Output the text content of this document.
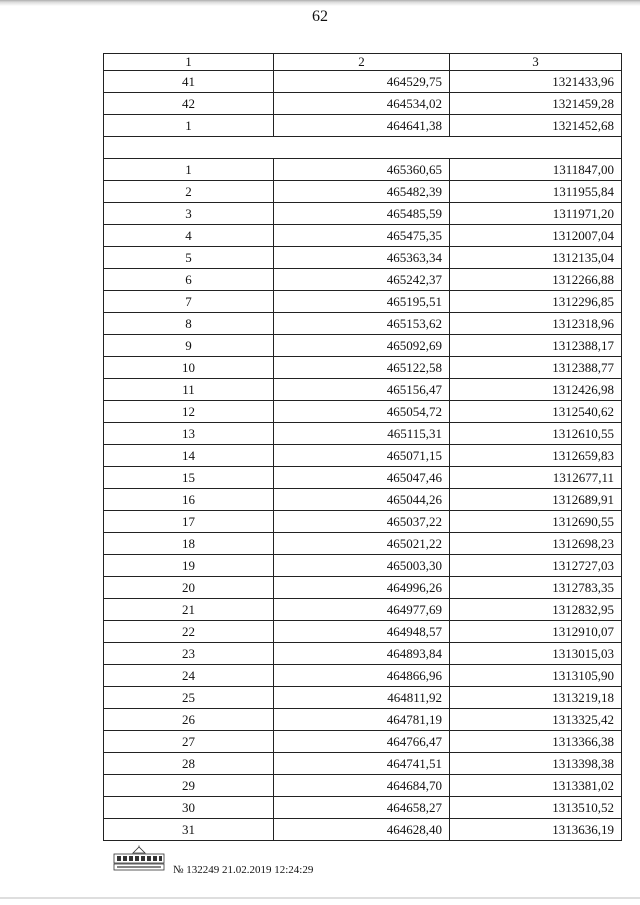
62
1	2	3
41	464529,75	1321433,96
42	464534,02	1321459,28
1	464641,38	1321452,68

1	465360,65	1311847,00
2	465482,39	1311955,84
3	465485,59	1311971,20
4	465475,35	1312007,04
5	465363,34	1312135,04
6	465242,37	1312266,88
7	465195,51	1312296,85
8	465153,62	1312318,96
9	465092,69	1312388,17
10	465122,58	1312388,77
11	465156,47	1312426,98
12	465054,72	1312540,62
13	465115,31	1312610,55
14	465071,15	1312659,83
15	465047,46	1312677,11
16	465044,26	1312689,91
17	465037,22	1312690,55
18	465021,22	1312698,23
19	465003,30	1312727,03
20	464996,26	1312783,35
21	464977,69	1312832,95
22	464948,57	1312910,07
23	464893,84	1313015,03
24	464866,96	1313105,90
25	464811,92	1313219,18
26	464781,19	1313325,42
27	464766,47	1313366,38
28	464741,51	1313398,38
29	464684,70	1313381,02
30	464658,27	1313510,52
31	464628,40	1313636,19
№ 132249 21.02.2019 12:24:29
